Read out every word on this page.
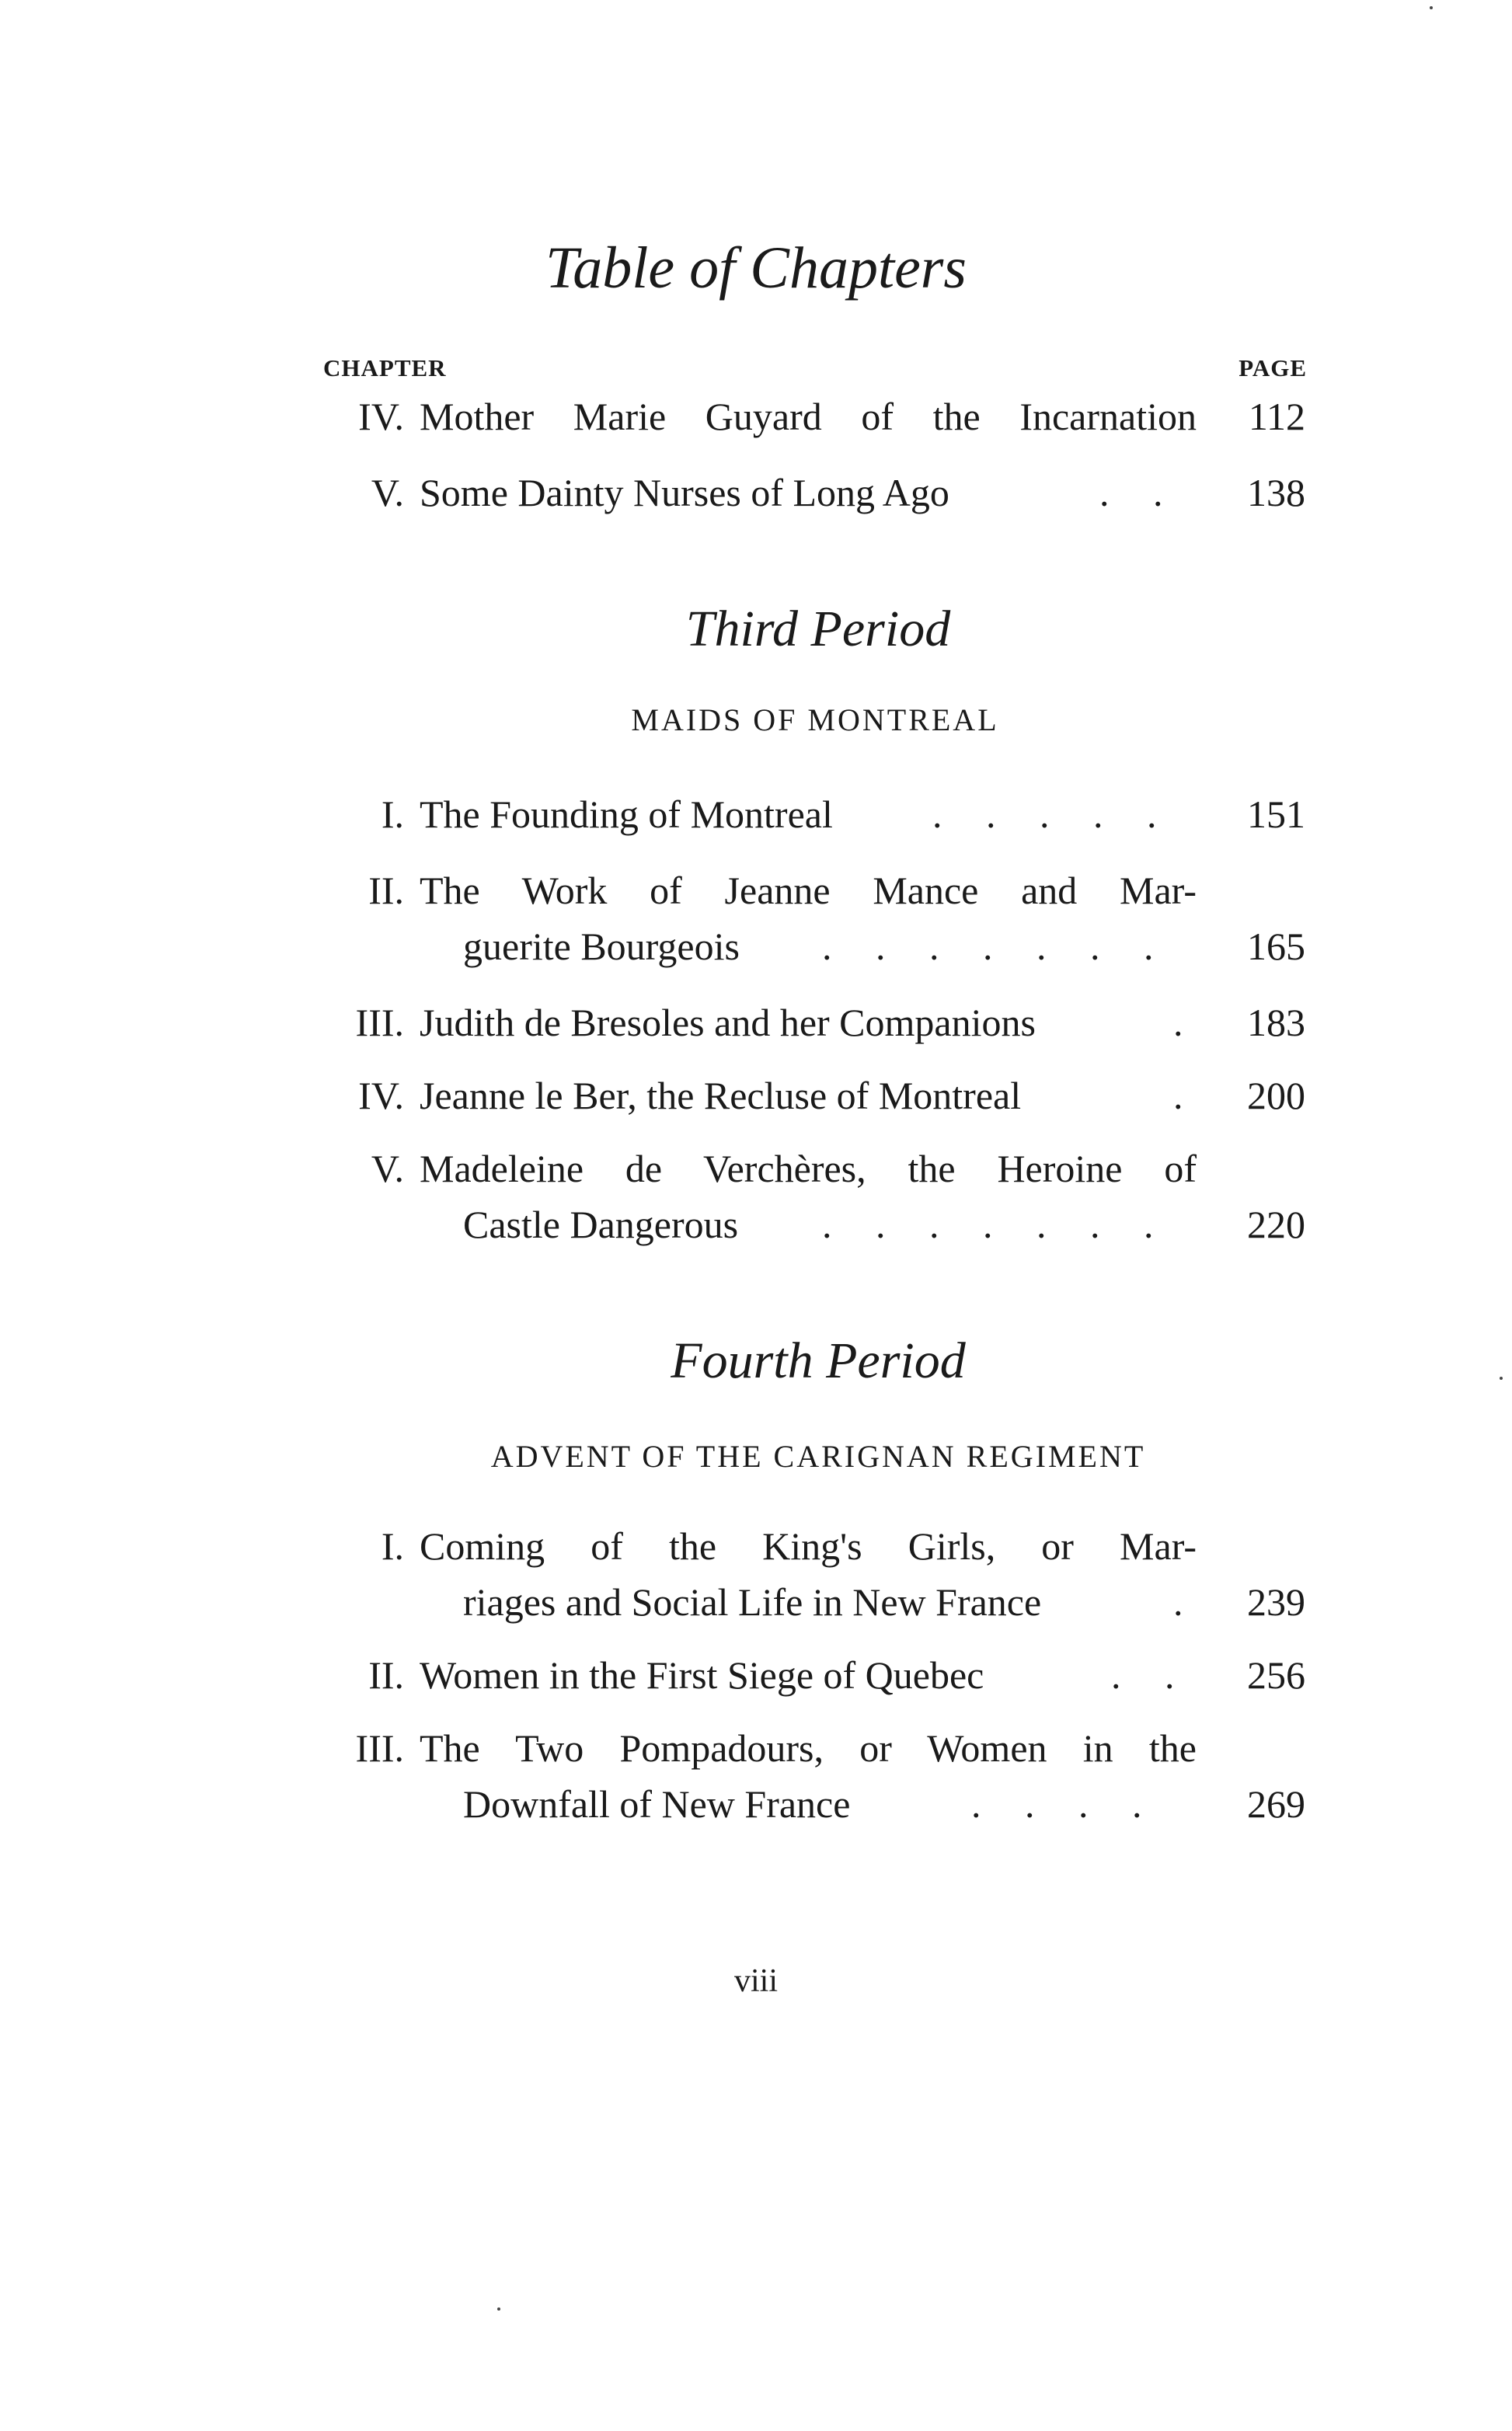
Table of Chapters
CHAPTER	PAGE
IV. Mother Marie Guyard of the Incarnation 112
V. Some Dainty Nurses of Long Ago	. . 138
Third Period
MAIDS OF MONTREAL
I. The Founding of Montreal	. . . . . 151
II. The Work of Jeanne Mance and Mar-
guerite Bourgeois . . . . . . . 165
III. Judith de Bresoles and her Companions	. 183
IV. Jeanne le Ber, the Recluse of Montreal	. 200
V. Madeleine de Verchères, the Heroine of
Castle Dangerous . . . . . . . 220
Fourth Period
ADVENT OF THE CARIGNAN REGIMENT
I. Coming of the King's Girls, or Mar-
riages and Social Life in New France	. 239
II. Women in the First Siege of Quebec	. . 256
III. The Two Pompadours, or Women in the
Downfall of New France	. . . . 269
viii
